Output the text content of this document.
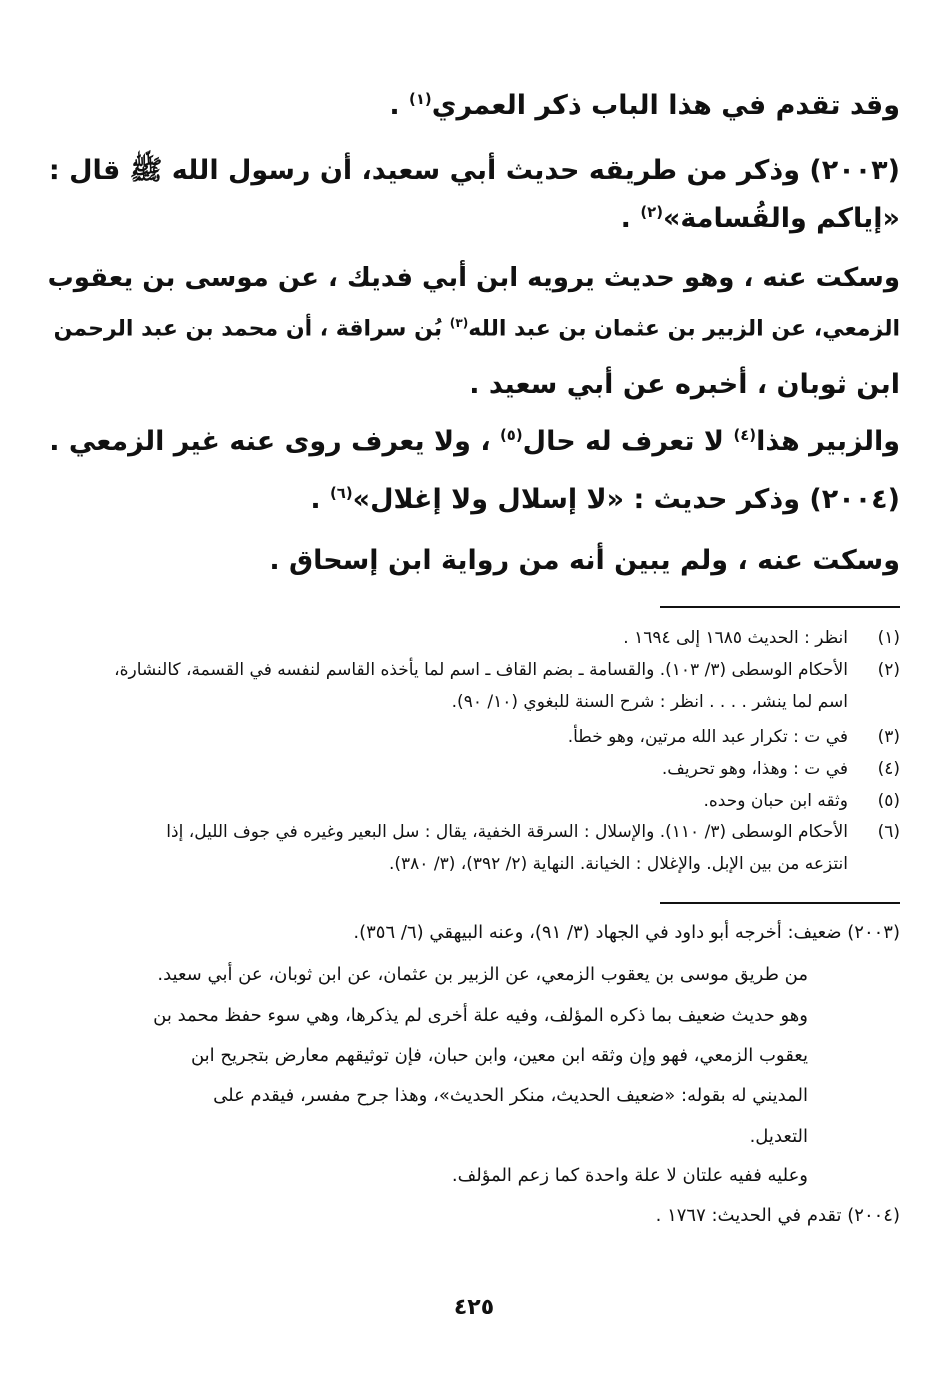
وقد تقدم في هذا الباب ذكر العمري$^{(١)}$ .
(٢٠٠٣) وذكر من طريقه حديث أبي سعيد، أن رسول الله ﷺ قال :
«إياكم والقُسامة»$^{(٢)}$ .
وسكت عنه ، وهو حديث يرويه ابن أبي فديك ، عن موسى بن يعقوب
الزمعي، عن الزبير بن عثمان بن عبد الله$^{(٣)}$ بُن سراقة ، أن محمد بن عبد الرحمن
ابن ثوبان ، أخبره عن أبي سعيد .
والزبير هذا$^{(٤)}$ لا تعرف له حال$^{(٥)}$ ، ولا يعرف روى عنه غير الزمعي .
(٢٠٠٤) وذكر حديث : «لا إسلال ولا إغلال»$^{(٦)}$ .
وسكت عنه ، ولم يبين أنه من رواية ابن إسحاق .
(١)انظر : الحديث ١٦٨٥ إلى ١٦٩٤ .
(٢)الأحكام الوسطى (٣/ ١٠٣). والقسامة ـ بضم القاف ـ اسم لما يأخذه القاسم لنفسه في القسمة، كالنشارة،
اسم لما ينشر . . . . انظر : شرح السنة للبغوي (١٠/ ٩٠).
(٣)في ت : تكرار عبد الله مرتين، وهو خطأ.
(٤)في ت : وهذا، وهو تحريف.
(٥)وثقه ابن حبان وحده.
(٦)الأحكام الوسطى (٣/ ١١٠). والإسلال : السرقة الخفية، يقال : سل البعير وغيره في جوف الليل، إذا
انتزعه من بين الإبل. والإغلال : الخيانة. النهاية (٢/ ٣٩٢)، (٣/ ٣٨٠).
(٢٠٠٣) ضعيف: أخرجه أبو داود في الجهاد (٣/ ٩١)، وعنه البيهقي (٦/ ٣٥٦).
من طريق موسى بن يعقوب الزمعي، عن الزبير بن عثمان، عن ابن ثوبان، عن أبي سعيد.
وهو حديث ضعيف بما ذكره المؤلف، وفيه علة أخرى لم يذكرها، وهي سوء حفظ محمد بن
يعقوب الزمعي، فهو وإن وثقه ابن معين، وابن حبان، فإن توثيقهم معارض بتجريح ابن
المديني له بقوله: «ضعيف الحديث، منكر الحديث»، وهذا جرح مفسر، فيقدم على
التعديل.
وعليه ففيه علتان لا علة واحدة كما زعم المؤلف.
(٢٠٠٤) تقدم في الحديث: ١٧٦٧ .
٤٢٥
